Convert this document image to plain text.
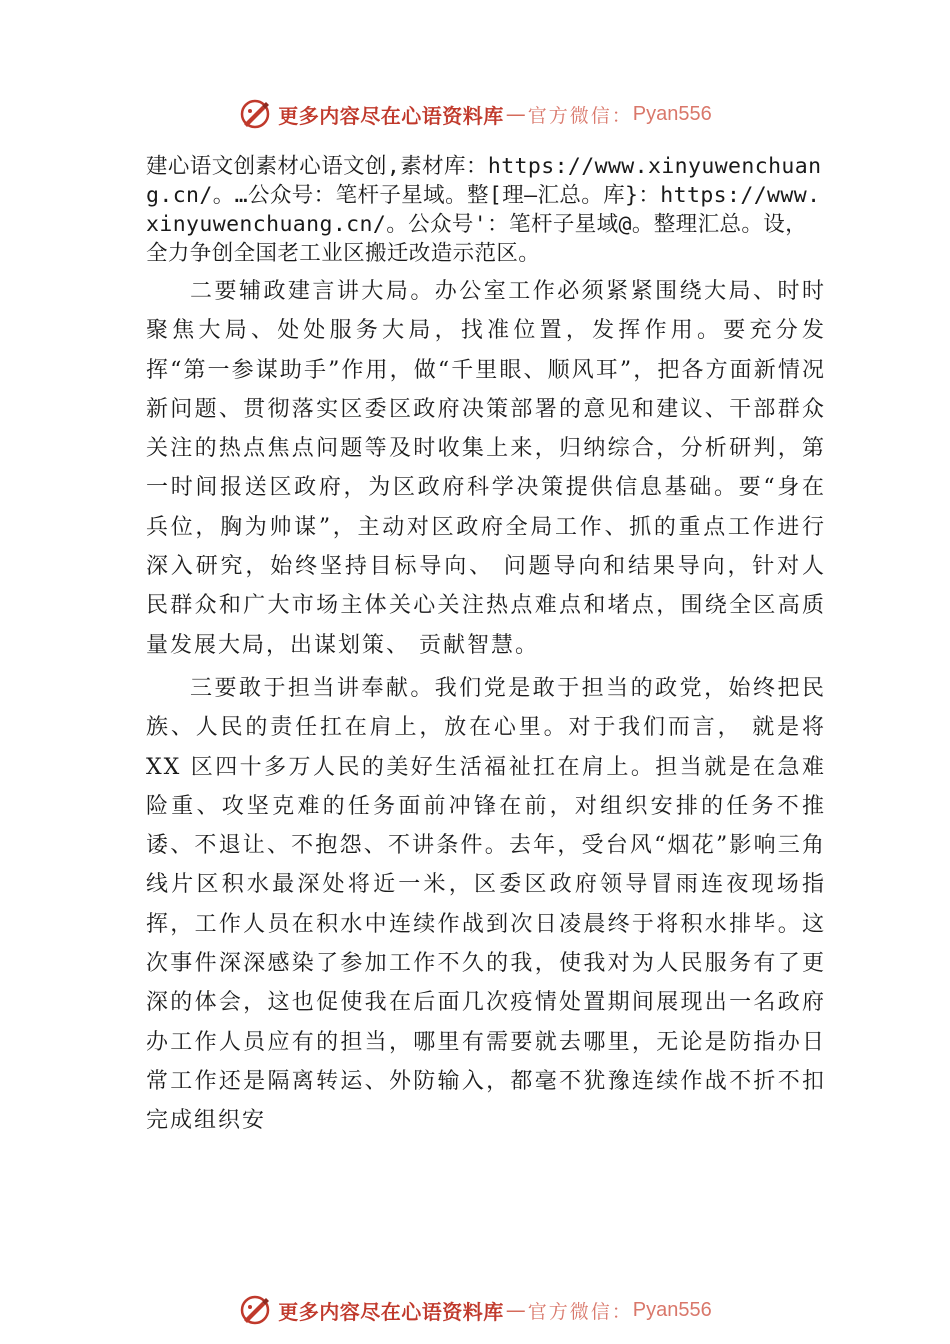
更多内容尽在心语资料库 — 官方微信： Pyan556

建心语文创素材心语文创,素材库：https://www.xinyuwenchuang.cn/。…公众号：笔杆子星域。整[理—汇总。库}：https://www.xinyuwenchuang.cn/。公众号'：笔杆子星域@。整理汇总。设，全力争创全国老工业区搬迁改造示范区。

二要辅政建言讲大局。办公室工作必须紧紧围绕大局、时时聚焦大局、处处服务大局，找准位置，发挥作用。要充分发挥“第一参谋助手”作用，做“千里眼、顺风耳”，把各方面新情况新问题、贯彻落实区委区政府决策部署的意见和建议、干部群众关注的热点焦点问题等及时收集上来，归纳综合，分析研判，第一时间报送区政府，为区政府科学决策提供信息基础。要“身在兵位，胸为帅谋”，主动对区政府全局工作、抓的重点工作进行深入研究，始终坚持目标导向、 问题导向和结果导向，针对人民群众和广大市场主体关心关注热点难点和堵点，围绕全区高质量发展大局，出谋划策、 贡献智慧。

三要敢于担当讲奉献。我们党是敢于担当的政党，始终把民族、人民的责任扛在肩上，放在心里。对于我们而言， 就是将 XX 区四十多万人民的美好生活福祉扛在肩上。担当就是在急难险重、攻坚克难的任务面前冲锋在前，对组织安排的任务不推诿、不退让、不抱怨、不讲条件。去年，受台风“烟花”影响三角线片区积水最深处将近一米，区委区政府领导冒雨连夜现场指挥，工作人员在积水中连续作战到次日凌晨终于将积水排毕。这次事件深深感染了参加工作不久的我，使我对为人民服务有了更深的体会，这也促使我在后面几次疫情处置期间展现出一名政府办工作人员应有的担当，哪里有需要就去哪里，无论是防指办日常工作还是隔离转运、外防输入，都毫不犹豫连续作战不折不扣完成组织安

更多内容尽在心语资料库 — 官方微信： Pyan556
